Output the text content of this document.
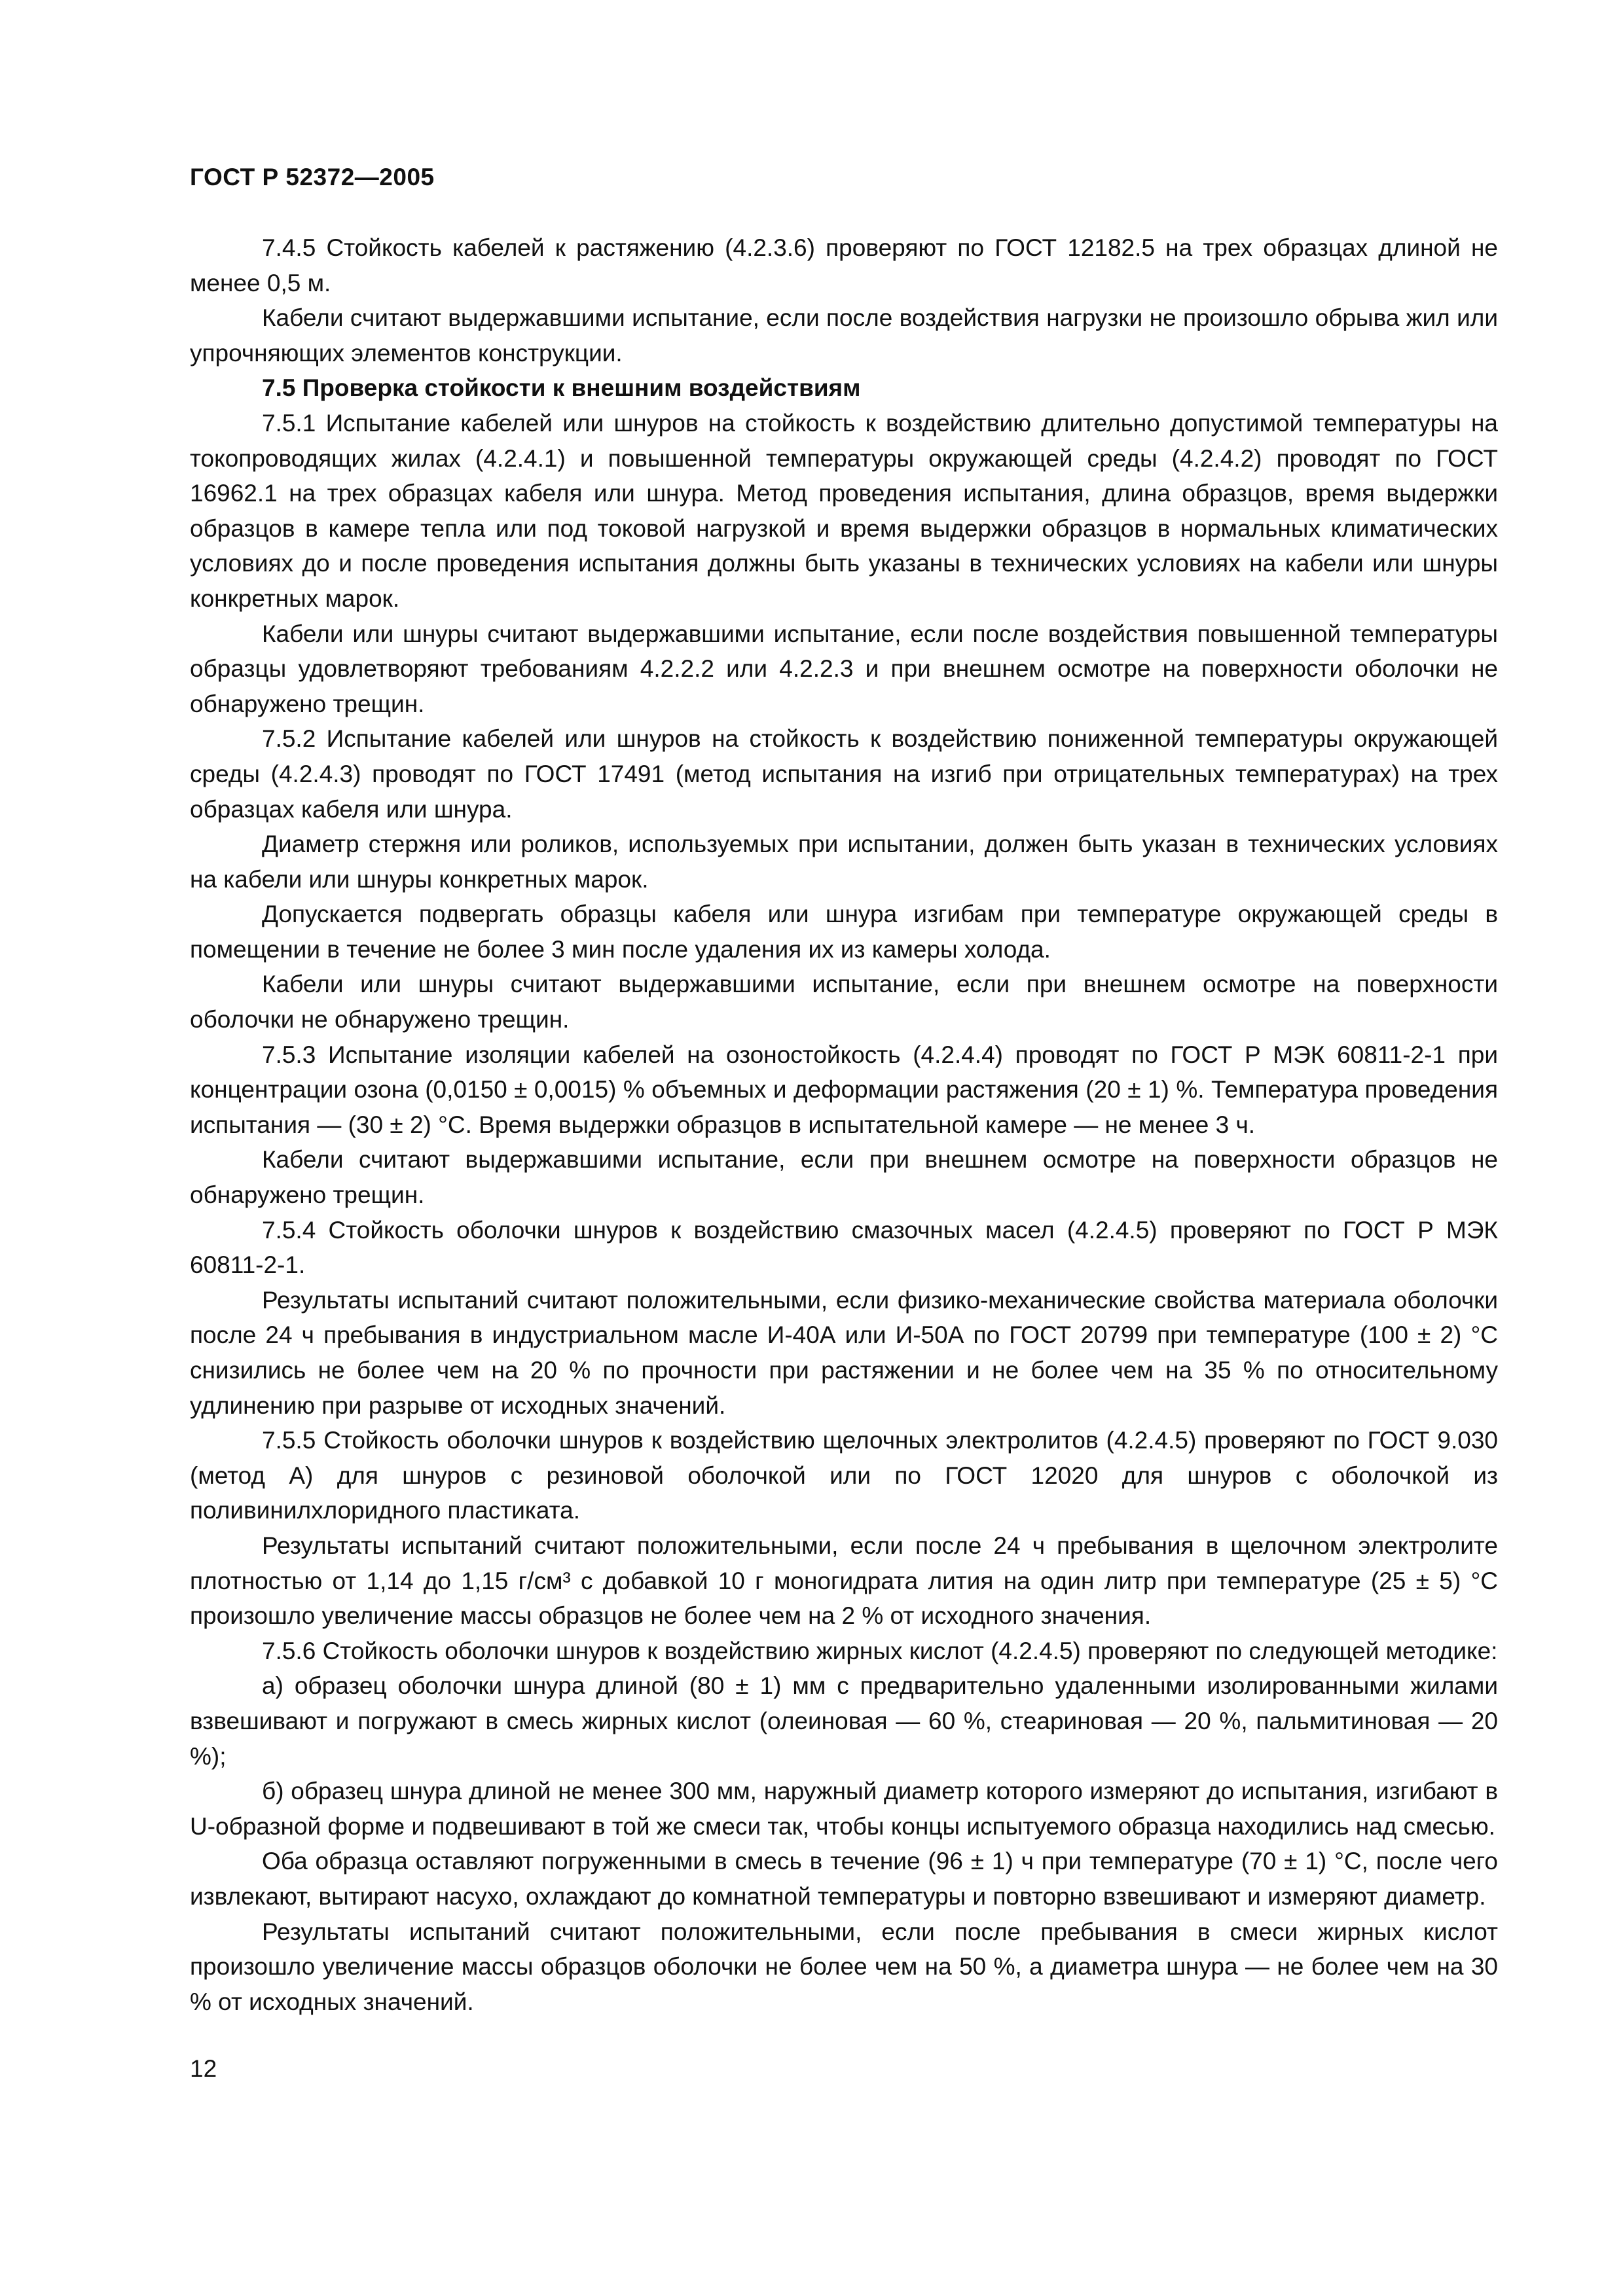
ГОСТ Р 52372—2005

7.4.5 Стойкость кабелей к растяжению (4.2.3.6) проверяют по ГОСТ 12182.5 на трех образцах длиной не менее 0,5 м.

Кабели считают выдержавшими испытание, если после воздействия нагрузки не произошло обрыва жил или упрочняющих элементов конструкции.

7.5 Проверка стойкости к внешним воздействиям

7.5.1 Испытание кабелей или шнуров на стойкость к воздействию длительно допустимой температуры на токопроводящих жилах (4.2.4.1) и повышенной температуры окружающей среды (4.2.4.2) проводят по ГОСТ 16962.1 на трех образцах кабеля или шнура. Метод проведения испытания, длина образцов, время выдержки образцов в камере тепла или под токовой нагрузкой и время выдержки образцов в нормальных климатических условиях до и после проведения испытания должны быть указаны в технических условиях на кабели или шнуры конкретных марок.

Кабели или шнуры считают выдержавшими испытание, если после воздействия повышенной температуры образцы удовлетворяют требованиям 4.2.2.2 или 4.2.2.3 и при внешнем осмотре на поверхности оболочки не обнаружено трещин.

7.5.2 Испытание кабелей или шнуров на стойкость к воздействию пониженной температуры окружающей среды (4.2.4.3) проводят по ГОСТ 17491 (метод испытания на изгиб при отрицательных температурах) на трех образцах кабеля или шнура.

Диаметр стержня или роликов, используемых при испытании, должен быть указан в технических условиях на кабели или шнуры конкретных марок.

Допускается подвергать образцы кабеля или шнура изгибам при температуре окружающей среды в помещении в течение не более 3 мин после удаления их из камеры холода.

Кабели или шнуры считают выдержавшими испытание, если при внешнем осмотре на поверхности оболочки не обнаружено трещин.

7.5.3 Испытание изоляции кабелей на озоностойкость (4.2.4.4) проводят по ГОСТ Р МЭК 60811-2-1 при концентрации озона (0,0150 ± 0,0015) % объемных и деформации растяжения (20 ± 1) %. Температура проведения испытания — (30 ± 2) °С. Время выдержки образцов в испытательной камере — не менее 3 ч.

Кабели считают выдержавшими испытание, если при внешнем осмотре на поверхности образцов не обнаружено трещин.

7.5.4 Стойкость оболочки шнуров к воздействию смазочных масел (4.2.4.5) проверяют по ГОСТ Р МЭК 60811-2-1.

Результаты испытаний считают положительными, если физико-механические свойства материала оболочки после 24 ч пребывания в индустриальном масле И-40А или И-50А по ГОСТ 20799 при температуре (100 ± 2) °С снизились не более чем на 20 % по прочности при растяжении и не более чем на 35 % по относительному удлинению при разрыве от исходных значений.

7.5.5 Стойкость оболочки шнуров к воздействию щелочных электролитов (4.2.4.5) проверяют по ГОСТ 9.030 (метод А) для шнуров с резиновой оболочкой или по ГОСТ 12020 для шнуров с оболочкой из поливинилхлоридного пластиката.

Результаты испытаний считают положительными, если после 24 ч пребывания в щелочном электролите плотностью от 1,14 до 1,15 г/см³ с добавкой 10 г моногидрата лития на один литр при температуре (25 ± 5) °С произошло увеличение массы образцов не более чем на 2 % от исходного значения.

7.5.6 Стойкость оболочки шнуров к воздействию жирных кислот (4.2.4.5) проверяют по следующей методике:

а) образец оболочки шнура длиной (80 ± 1) мм с предварительно удаленными изолированными жилами взвешивают и погружают в смесь жирных кислот (олеиновая — 60 %, стеариновая — 20 %, пальмитиновая — 20 %);

б) образец шнура длиной не менее 300 мм, наружный диаметр которого измеряют до испытания, изгибают в U-образной форме и подвешивают в той же смеси так, чтобы концы испытуемого образца находились над смесью.

Оба образца оставляют погруженными в смесь в течение (96 ± 1) ч при температуре (70 ± 1) °С, после чего извлекают, вытирают насухо, охлаждают до комнатной температуры и повторно взвешивают и измеряют диаметр.

Результаты испытаний считают положительными, если после пребывания в смеси жирных кислот произошло увеличение массы образцов оболочки не более чем на 50 %, а диаметра шнура — не более чем на 30 % от исходных значений.

12
